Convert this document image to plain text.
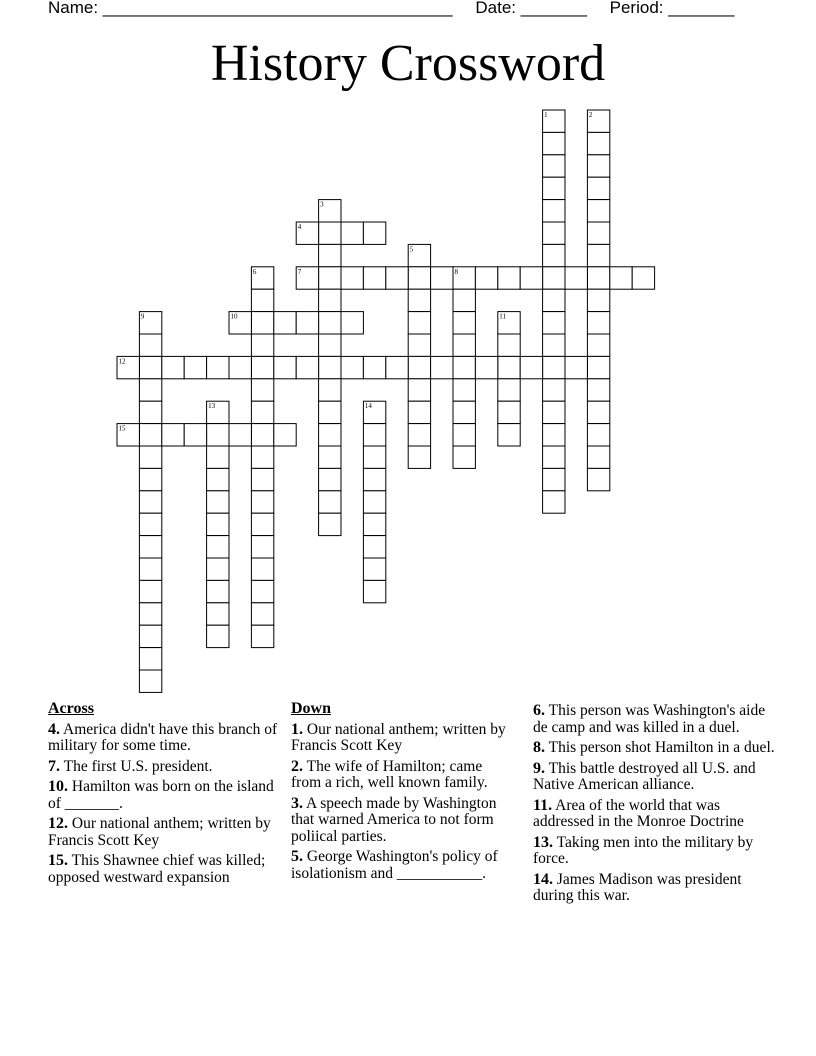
Name: _____________________________________ Date: _______ Period: _______
History Crossword
1	2
3
4
5
6	7	8
9	10	11
12
13	14
15
Across
4. America didn't have this branch of military for some time.
7. The first U.S. president.
10. Hamilton was born on the island of _______.
12. Our national anthem; written by Francis Scott Key
15. This Shawnee chief was killed; opposed westward expansion
Down
1. Our national anthem; written by Francis Scott Key
2. The wife of Hamilton; came from a rich, well known family.
3. A speech made by Washington that warned America to not form poliical parties.
5. George Washington's policy of isolationism and ___________.
6. This person was Washington's aide de camp and was killed in a duel.
8. This person shot Hamilton in a duel.
9. This battle destroyed all U.S. and Native American alliance.
11. Area of the world that was addressed in the Monroe Doctrine
13. Taking men into the military by force.
14. James Madison was president during this war.
